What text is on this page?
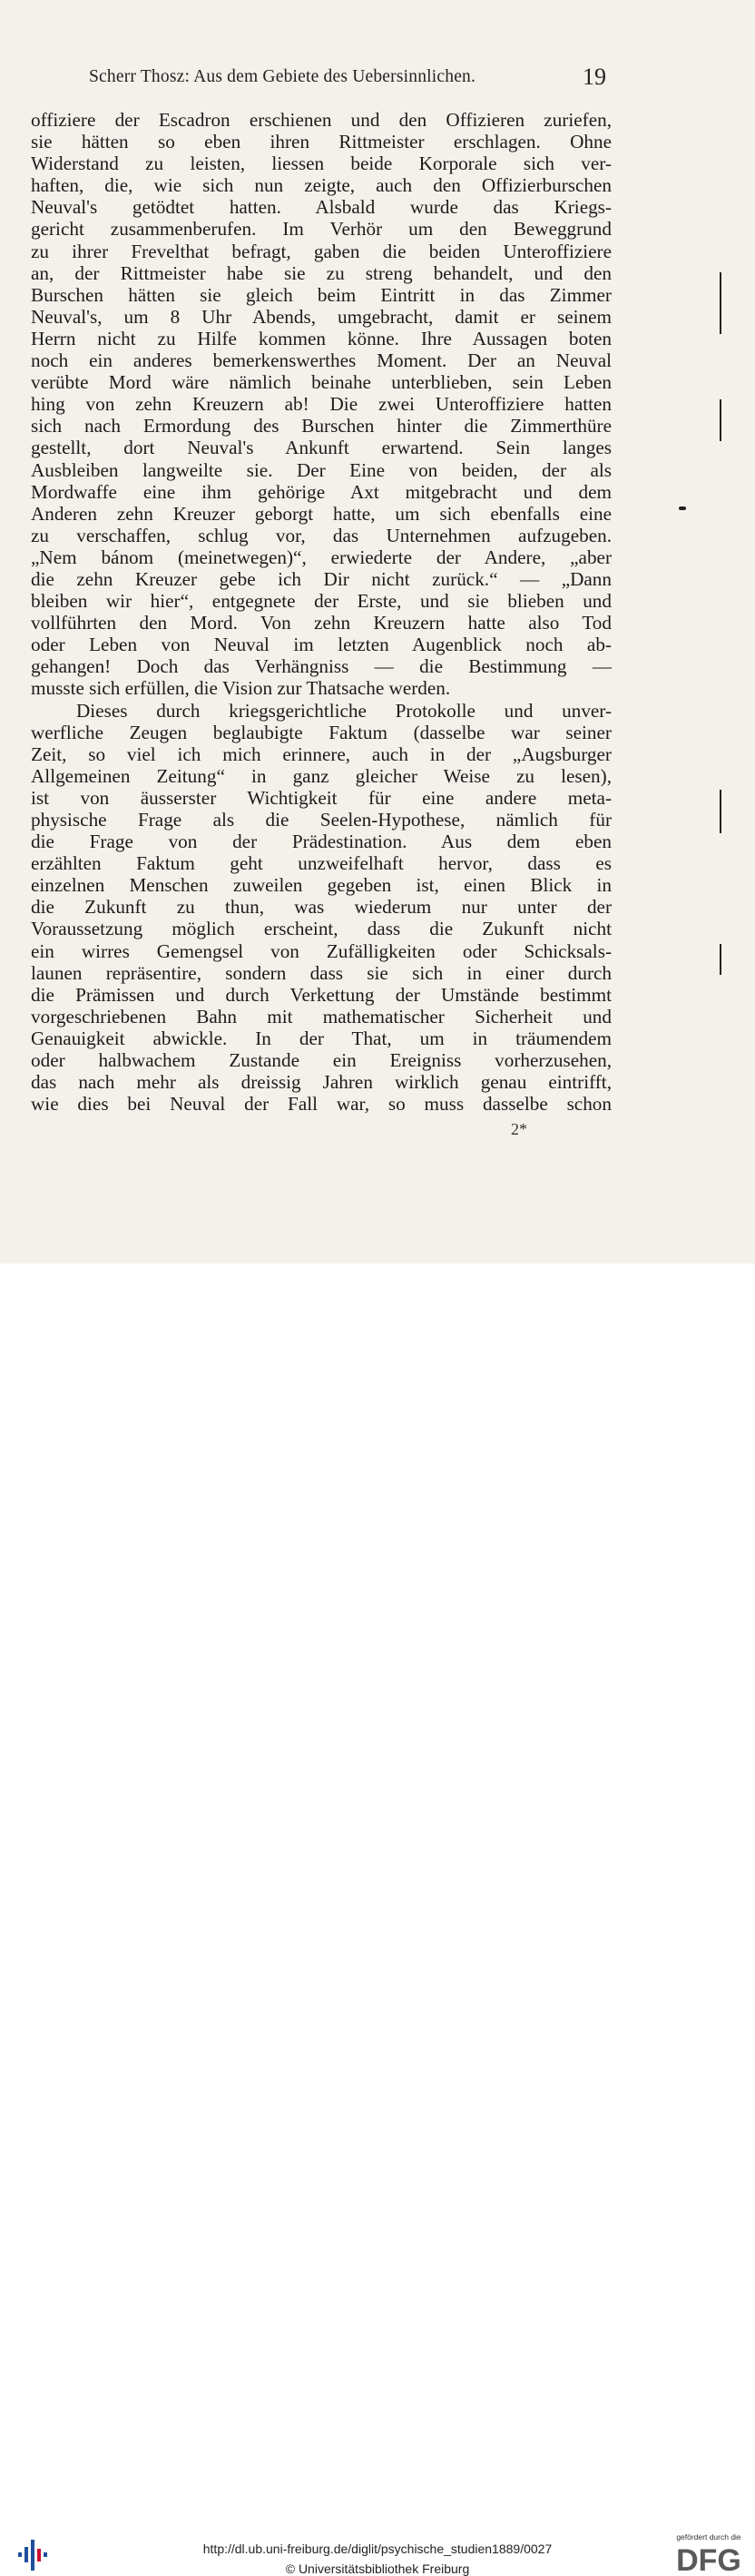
Scherr Thosz: Aus dem Gebiete des Uebersinnlichen.	19
offiziere der Escadron erschienen und den Offizieren zuriefen,
sie hätten so eben ihren Rittmeister erschlagen. Ohne
Widerstand zu leisten, liessen beide Korporale sich ver-
haften, die, wie sich nun zeigte, auch den Offizierburschen
Neuval's getödtet hatten. Alsbald wurde das Kriegs-
gericht zusammenberufen. Im Verhör um den Beweggrund
zu ihrer Frevelthat befragt, gaben die beiden Unteroffiziere
an, der Rittmeister habe sie zu streng behandelt, und den
Burschen hätten sie gleich beim Eintritt in das Zimmer
Neuval's, um 8 Uhr Abends, umgebracht, damit er seinem
Herrn nicht zu Hilfe kommen könne. Ihre Aussagen boten
noch ein anderes bemerkenswerthes Moment. Der an Neuval
verübte Mord wäre nämlich beinahe unterblieben, sein Leben
hing von zehn Kreuzern ab! Die zwei Unteroffiziere hatten
sich nach Ermordung des Burschen hinter die Zimmerthüre
gestellt, dort Neuval's Ankunft erwartend. Sein langes
Ausbleiben langweilte sie. Der Eine von beiden, der als
Mordwaffe eine ihm gehörige Axt mitgebracht und dem
Anderen zehn Kreuzer geborgt hatte, um sich ebenfalls eine
zu verschaffen, schlug vor, das Unternehmen aufzugeben.
„Nem bánom (meinetwegen)“, erwiederte der Andere, „aber
die zehn Kreuzer gebe ich Dir nicht zurück.“ — „Dann
bleiben wir hier“, entgegnete der Erste, und sie blieben und
vollführten den Mord. Von zehn Kreuzern hatte also Tod
oder Leben von Neuval im letzten Augenblick noch ab-
gehangen! Doch das Verhängniss — die Bestimmung —
musste sich erfüllen, die Vision zur Thatsache werden.
Dieses durch kriegsgerichtliche Protokolle und unver-
werfliche Zeugen beglaubigte Faktum (dasselbe war seiner
Zeit, so viel ich mich erinnere, auch in der „Augsburger
Allgemeinen Zeitung“ in ganz gleicher Weise zu lesen),
ist von äusserster Wichtigkeit für eine andere meta-
physische Frage als die Seelen-Hypothese, nämlich für
die Frage von der Prädestination. Aus dem eben
erzählten Faktum geht unzweifelhaft hervor, dass es
einzelnen Menschen zuweilen gegeben ist, einen Blick in
die Zukunft zu thun, was wiederum nur unter der
Voraussetzung möglich erscheint, dass die Zukunft nicht
ein wirres Gemengsel von Zufälligkeiten oder Schicksals-
launen repräsentire, sondern dass sie sich in einer durch
die Prämissen und durch Verkettung der Umstände bestimmt
vorgeschriebenen Bahn mit mathematischer Sicherheit und
Genauigkeit abwickle. In der That, um in träumendem
oder halbwachem Zustande ein Ereigniss vorherzusehen,
das nach mehr als dreissig Jahren wirklich genau eintrifft,
wie dies bei Neuval der Fall war, so muss dasselbe schon
2*
http://dl.ub.uni-freiburg.de/diglit/psychische_studien1889/0027
© Universitätsbibliothek Freiburg
gefördert durch die
DFG
